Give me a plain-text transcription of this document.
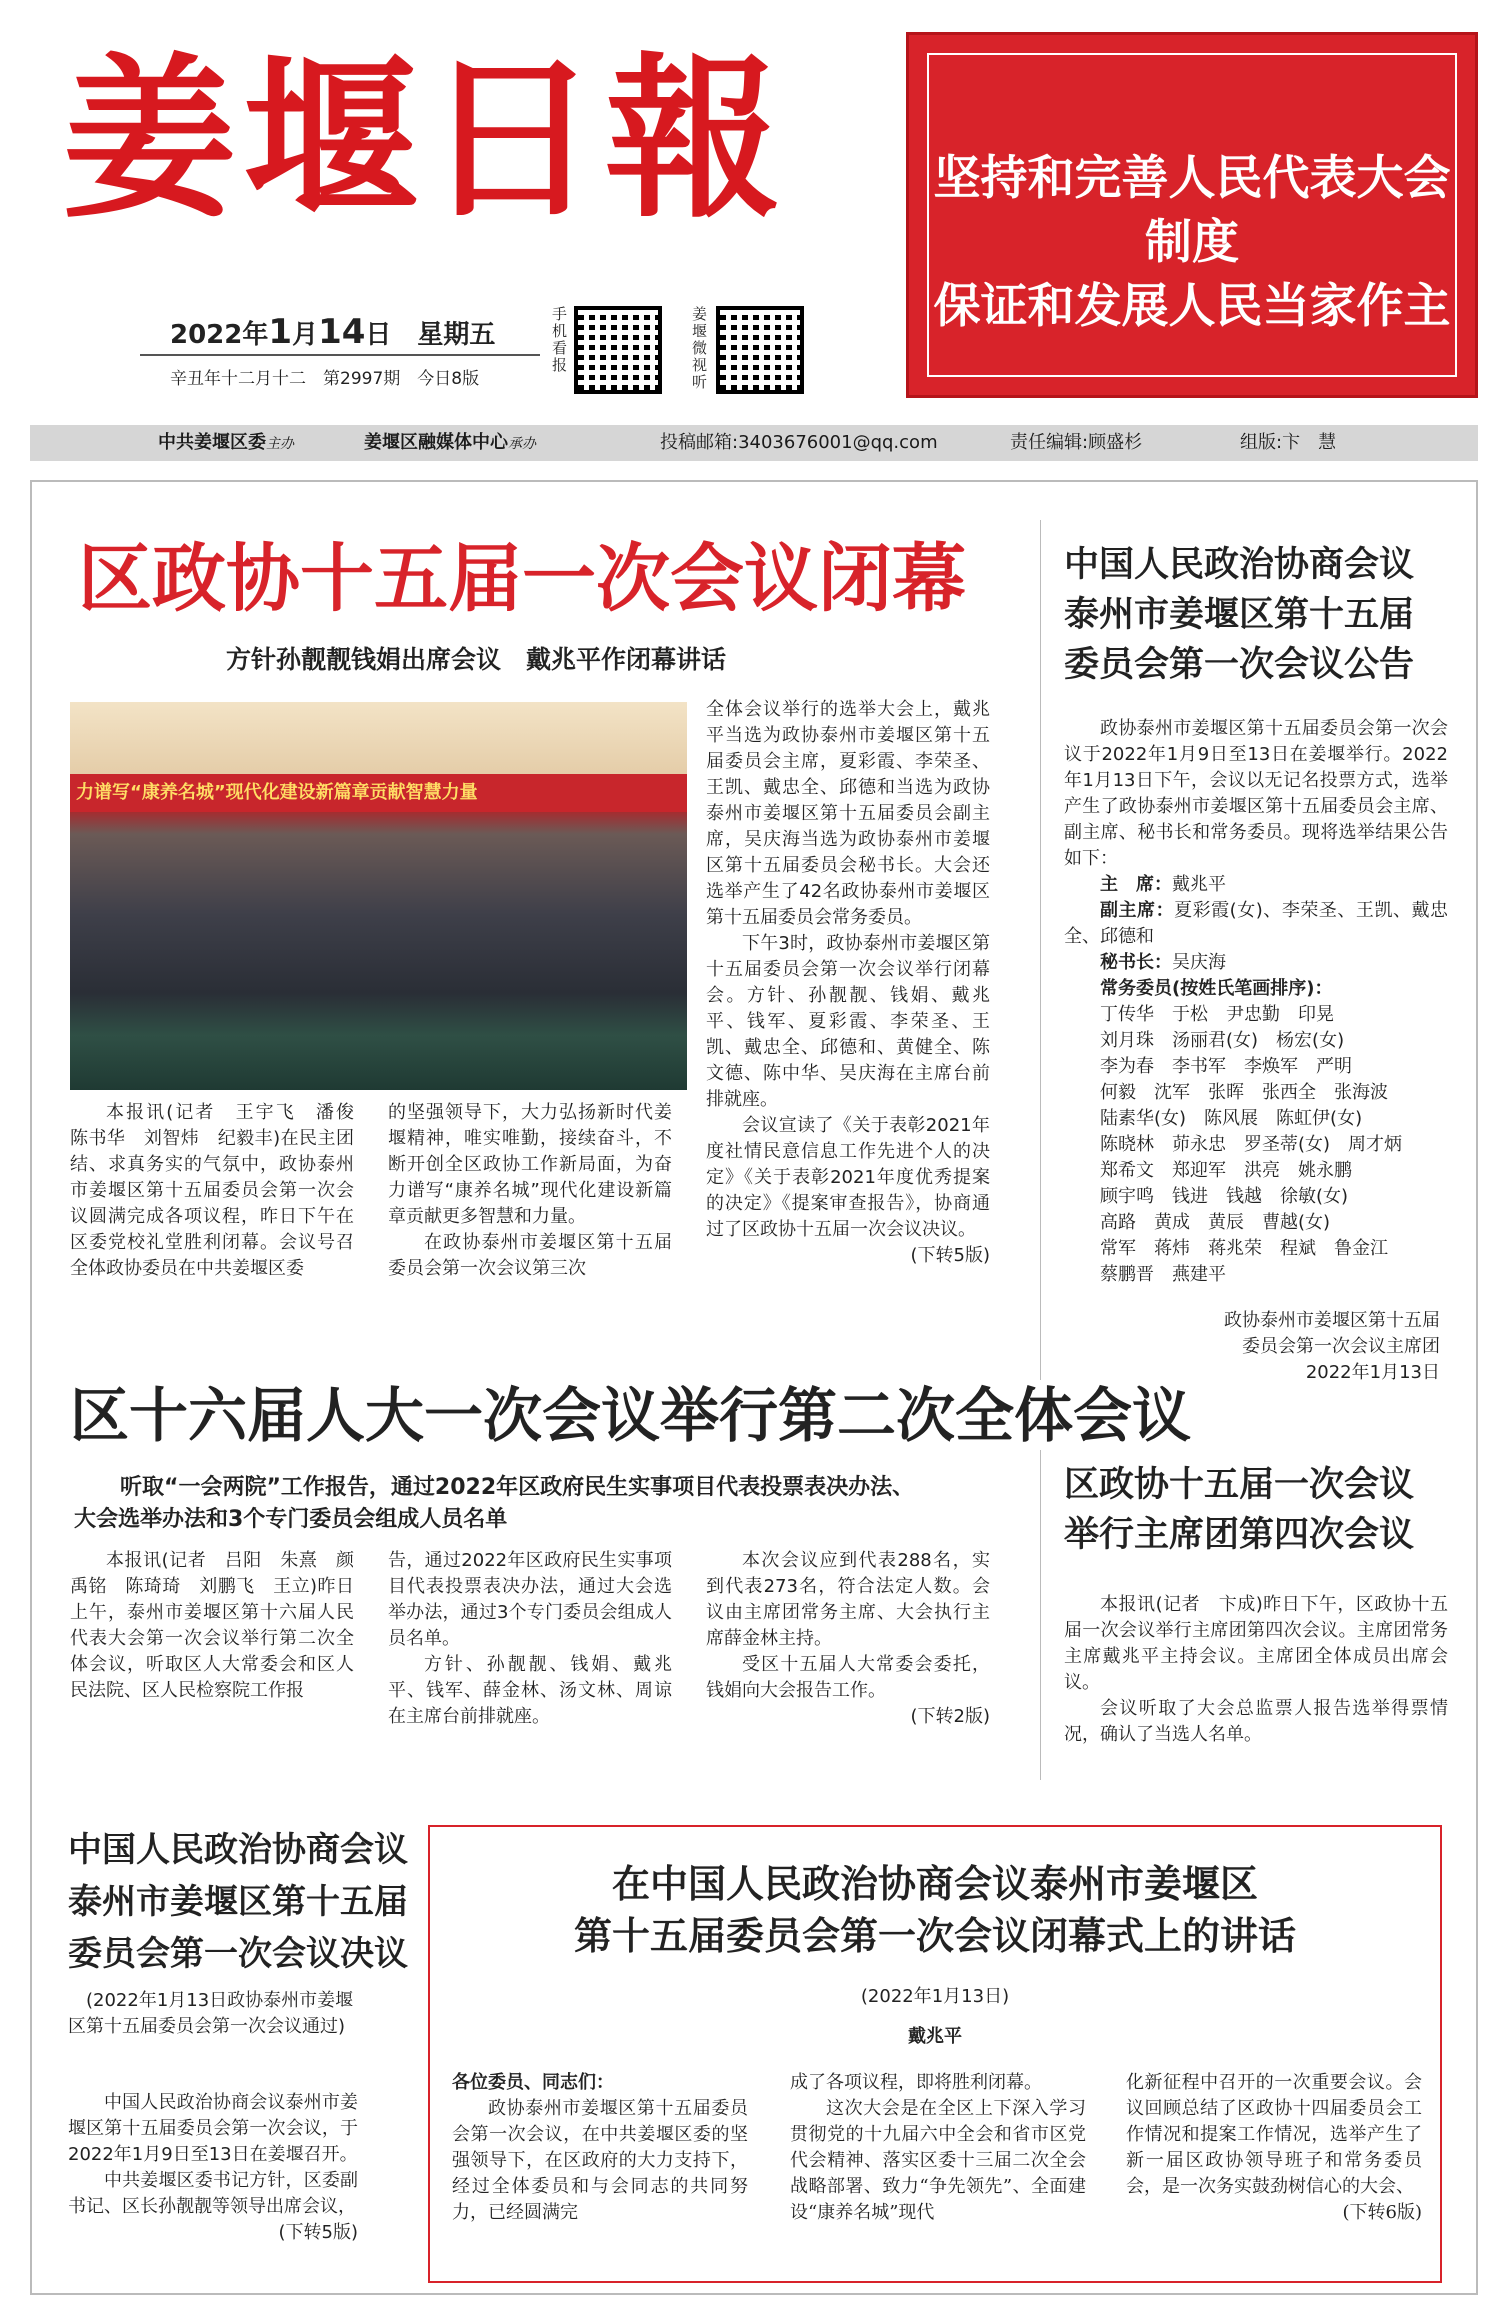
姜堰日報
2022年1月14日　星期五
辛丑年十二月十二　第2997期　今日8版
手机看报
姜堰微视听

坚持和完善人民代表大会制度

保证和发展人民当家作主

中共姜堰区委主办	姜堰区融媒体中心承办	投稿邮箱:3403676001@qq.com	责任编辑:顾盛杉	组版:卞　慧
区政协十五届一次会议闭幕
方针孙靓靓钱娟出席会议　戴兆平作闭幕讲话
力谱写“康养名城”现代化建设新篇章贡献智慧力量

本报讯(记者　王宇飞　潘俊　陈书华　刘智炜　纪毅丰)在民主团结、求真务实的气氛中，政协泰州市姜堰区第十五届委员会第一次会议圆满完成各项议程，昨日下午在区委党校礼堂胜利闭幕。会议号召全体政协委员在中共姜堰区委

的坚强领导下，大力弘扬新时代姜堰精神，唯实唯勤，接续奋斗，不断开创全区政协工作新局面，为奋力谱写“康养名城”现代化建设新篇章贡献更多智慧和力量。

在政协泰州市姜堰区第十五届委员会第一次会议第三次

全体会议举行的选举大会上，戴兆平当选为政协泰州市姜堰区第十五届委员会主席，夏彩霞、李荣圣、王凯、戴忠全、邱德和当选为政协泰州市姜堰区第十五届委员会副主席，吴庆海当选为政协泰州市姜堰区第十五届委员会秘书长。大会还选举产生了42名政协泰州市姜堰区第十五届委员会常务委员。

下午3时，政协泰州市姜堰区第十五届委员会第一次会议举行闭幕会。方针、孙靓靓、钱娟、戴兆平、钱军、夏彩霞、李荣圣、王凯、戴忠全、邱德和、黄健全、陈文德、陈中华、吴庆海在主席台前排就座。

会议宣读了《关于表彰2021年度社情民意信息工作先进个人的决定》《关于表彰2021年度优秀提案的决定》《提案审查报告》，协商通过了区政协十五届一次会议决议。

(下转5版)
中国人民政治协商会议
泰州市姜堰区第十五届
委员会第一次会议公告

政协泰州市姜堰区第十五届委员会第一次会议于2022年1月9日至13日在姜堰举行。2022年1月13日下午，会议以无记名投票方式，选举产生了政协泰州市姜堰区第十五届委员会主席、副主席、秘书长和常务委员。现将选举结果公告如下：

主　席：戴兆平

副主席：夏彩霞(女)、李荣圣、王凯、戴忠全、邱德和

秘书长：吴庆海

常务委员(按姓氏笔画排序)：

丁传华　于松　尹忠勤　印晃
刘月珠　汤丽君(女)　杨宏(女)
李为春　李书军　李焕军　严明
何毅　沈军　张晖　张西全　张海波
陆素华(女)　陈风展　陈虹伊(女)
陈晓林　茆永忠　罗圣蒂(女)　周才炳
郑希文　郑迎军　洪亮　姚永鹏
顾宇鸣　钱进　钱越　徐敏(女)
高路　黄成　黄辰　曹越(女)
常军　蒋炜　蒋兆荣　程斌　鲁金江
蔡鹏晋　燕建平
政协泰州市姜堰区第十五届
委员会第一次会议主席团
2022年1月13日
区十六届人大一次会议举行第二次全体会议
听取“一会两院”工作报告，通过2022年区政府民生实事项目代表投票表决办法、
大会选举办法和3个专门委员会组成人员名单

本报讯(记者　吕阳　朱熹　颜禹铭　陈琦琦　刘鹏飞　王立)昨日上午，泰州市姜堰区第十六届人民代表大会第一次会议举行第二次全体会议，听取区人大常委会和区人民法院、区人民检察院工作报

告，通过2022年区政府民生实事项目代表投票表决办法，通过大会选举办法，通过3个专门委员会组成人员名单。

方针、孙靓靓、钱娟、戴兆平、钱军、薛金林、汤文林、周谅在主席台前排就座。

本次会议应到代表288名，实到代表273名，符合法定人数。会议由主席团常务主席、大会执行主席薛金林主持。

受区十五届人大常委会委托，钱娟向大会报告工作。

(下转2版)
区政协十五届一次会议
举行主席团第四次会议

本报讯(记者　卞成)昨日下午，区政协十五届一次会议举行主席团第四次会议。主席团常务主席戴兆平主持会议。主席团全体成员出席会议。

会议听取了大会总监票人报告选举得票情况，确认了当选人名单。

中国人民政治协商会议
泰州市姜堰区第十五届
委员会第一次会议决议
(2022年1月13日政协泰州市姜堰区第十五届委员会第一次会议通过)

中国人民政治协商会议泰州市姜堰区第十五届委员会第一次会议，于2022年1月9日至13日在姜堰召开。

中共姜堰区委书记方针，区委副书记、区长孙靓靓等领导出席会议，

(下转5版)
在中国人民政治协商会议泰州市姜堰区
第十五届委员会第一次会议闭幕式上的讲话
(2022年1月13日)
戴兆平
各位委员、同志们：

政协泰州市姜堰区第十五届委员会第一次会议，在中共姜堰区委的坚强领导下，在区政府的大力支持下，经过全体委员和与会同志的共同努力，已经圆满完

成了各项议程，即将胜利闭幕。

这次大会是在全区上下深入学习贯彻党的十九届六中全会和省市区党代会精神、落实区委十三届二次全会战略部署、致力“争先领先”、全面建设“康养名城”现代

化新征程中召开的一次重要会议。会议回顾总结了区政协十四届委员会工作情况和提案工作情况，选举产生了新一届区政协领导班子和常务委员会，是一次务实鼓劲树信心的大会、

(下转6版)
